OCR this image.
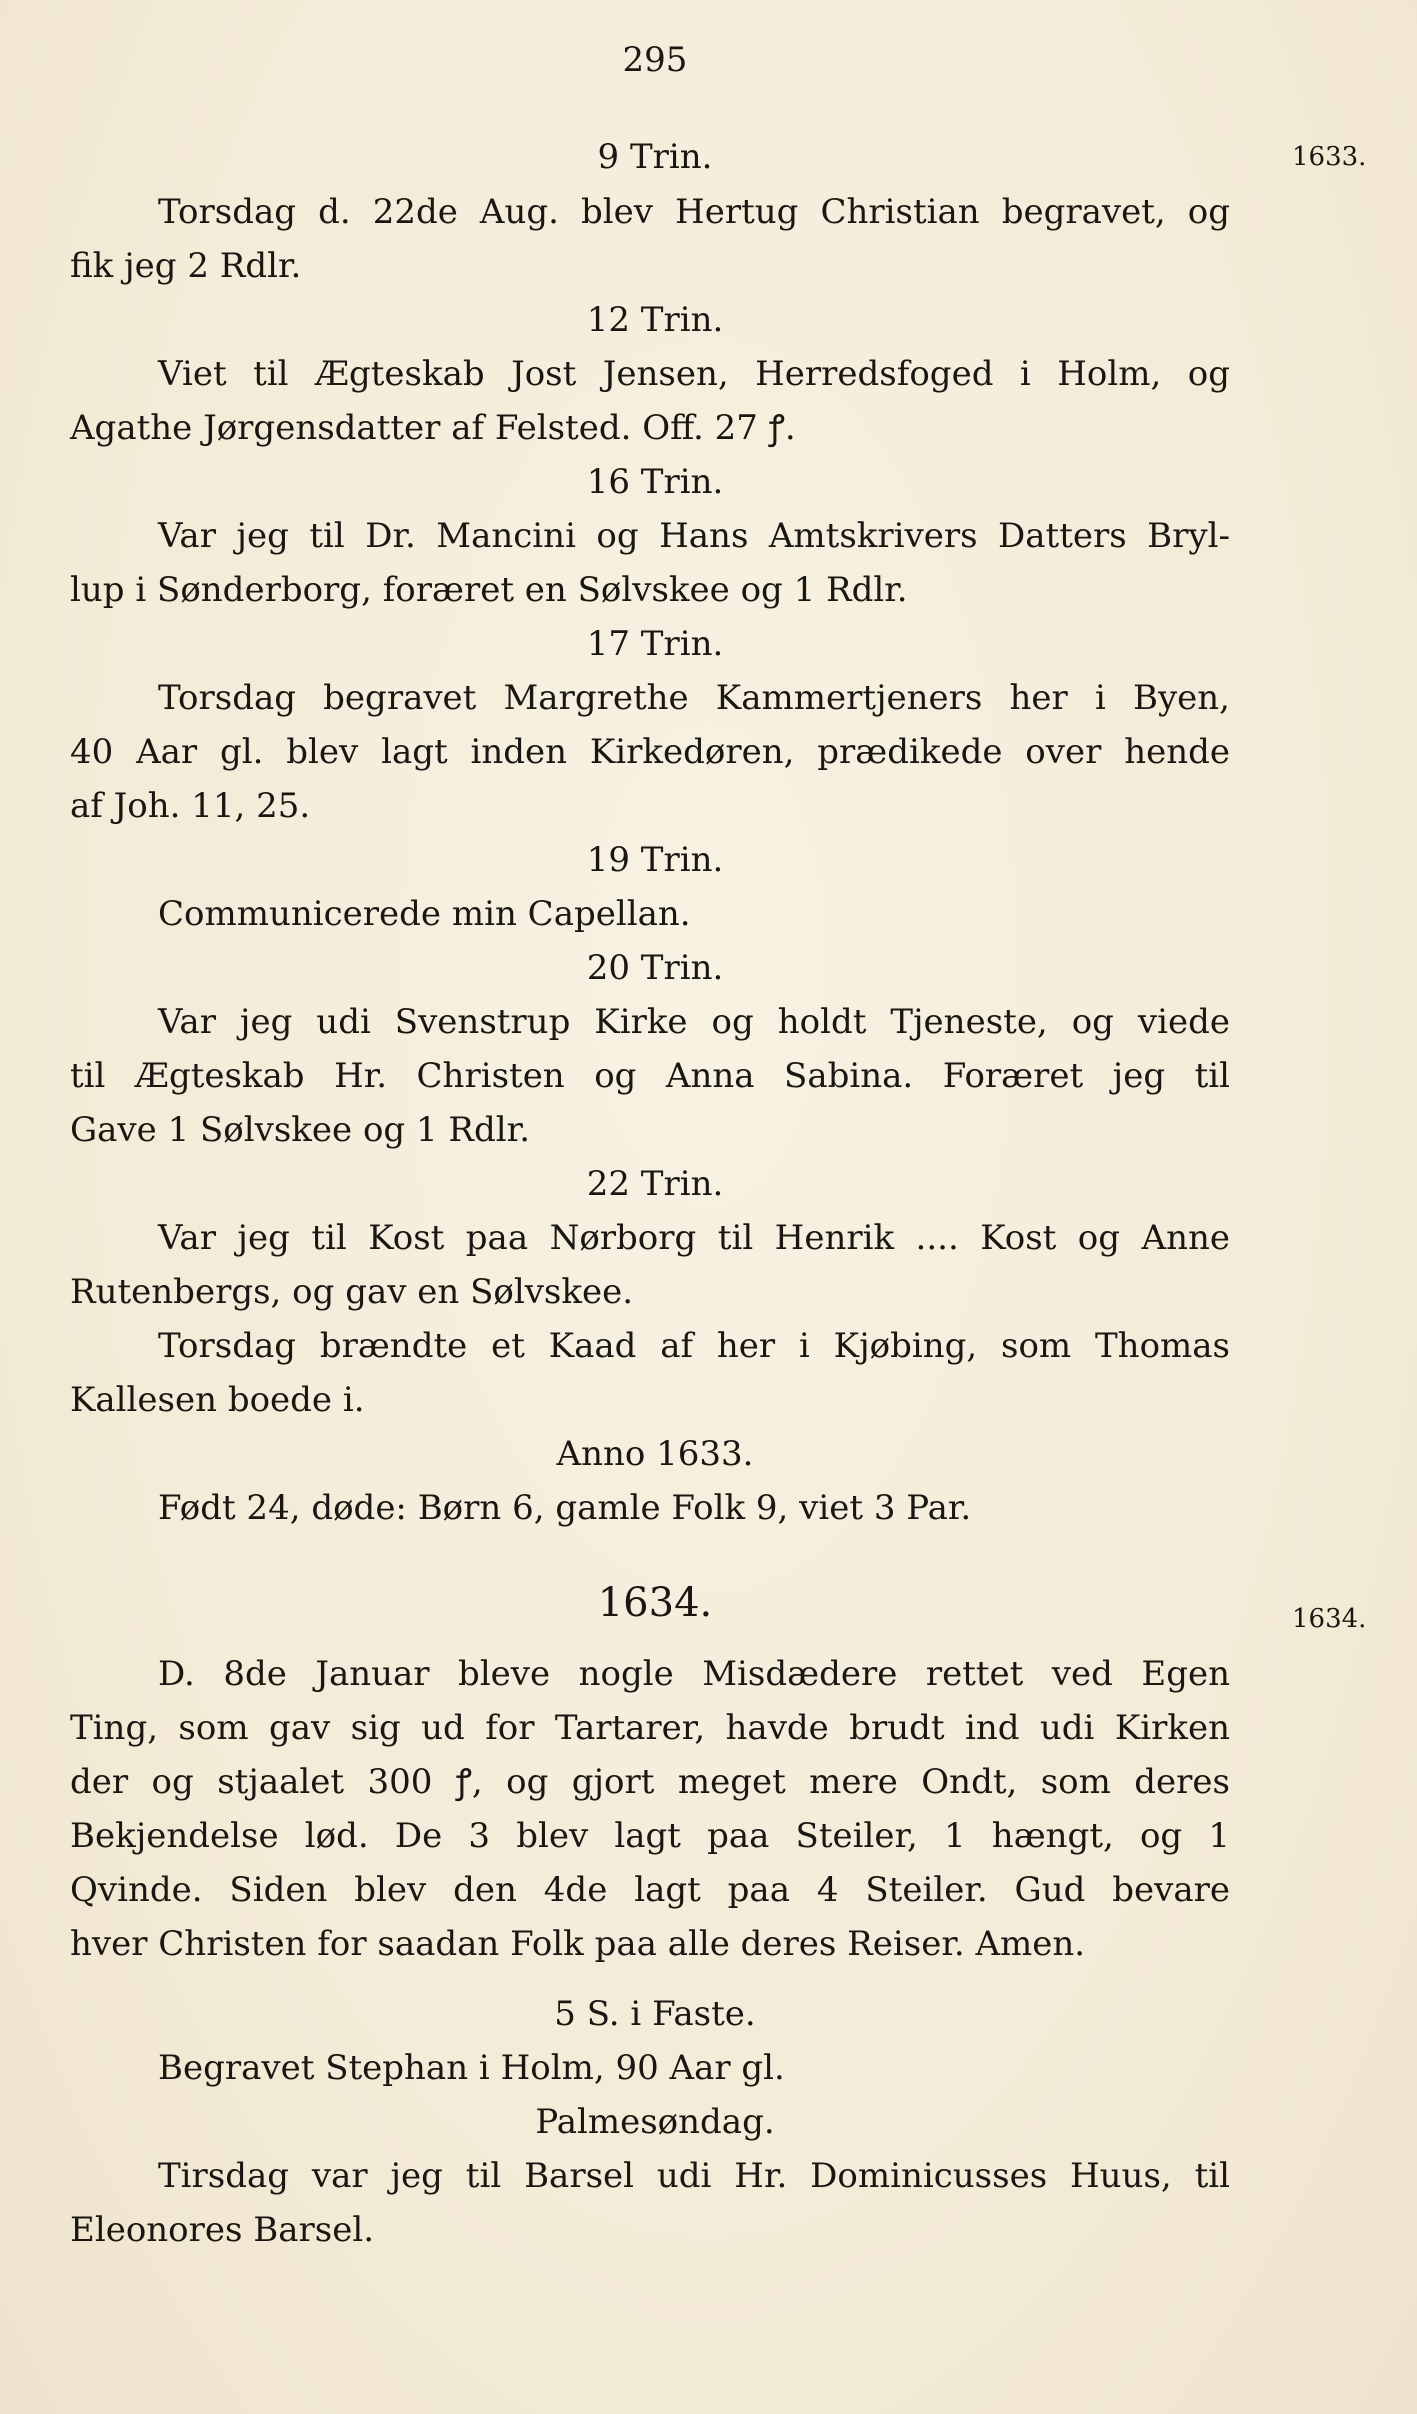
295
1633.
1634.
9 Trin.
Torsdag d. 22de Aug. blev Hertug Christian begravet, og
fik jeg 2 Rdlr.
12 Trin.
Viet til Ægteskab Jost Jensen, Herredsfoged i Holm, og
Agathe Jørgensdatter af Felsted. Off. 27 ꝭ.
16 Trin.
Var jeg til Dr. Mancini og Hans Amtskrivers Datters Bryl-
lup i Sønderborg, foræret en Sølvskee og 1 Rdlr.
17 Trin.
Torsdag begravet Margrethe Kammertjeners her i Byen,
40 Aar gl. blev lagt inden Kirkedøren, prædikede over hende
af Joh. 11, 25.
19 Trin.
Communicerede min Capellan.
20 Trin.
Var jeg udi Svenstrup Kirke og holdt Tjeneste, og viede
til Ægteskab Hr. Christen og Anna Sabina. Foræret jeg til
Gave 1 Sølvskee og 1 Rdlr.
22 Trin.
Var jeg til Kost paa Nørborg til Henrik .... Kost og Anne
Rutenbergs, og gav en Sølvskee.
Torsdag brændte et Kaad af her i Kjøbing, som Thomas
Kallesen boede i.
Anno 1633.
Født 24, døde: Børn 6, gamle Folk 9, viet 3 Par.
1634.
D. 8de Januar bleve nogle Misdædere rettet ved Egen
Ting, som gav sig ud for Tartarer, havde brudt ind udi Kirken
der og stjaalet 300 ꝭ, og gjort meget mere Ondt, som deres
Bekjendelse lød. De 3 blev lagt paa Steiler, 1 hængt, og 1
Qvinde. Siden blev den 4de lagt paa 4 Steiler. Gud bevare
hver Christen for saadan Folk paa alle deres Reiser. Amen.
5 S. i Faste.
Begravet Stephan i Holm, 90 Aar gl.
Palmesøndag.
Tirsdag var jeg til Barsel udi Hr. Dominicusses Huus, til
Eleonores Barsel.
